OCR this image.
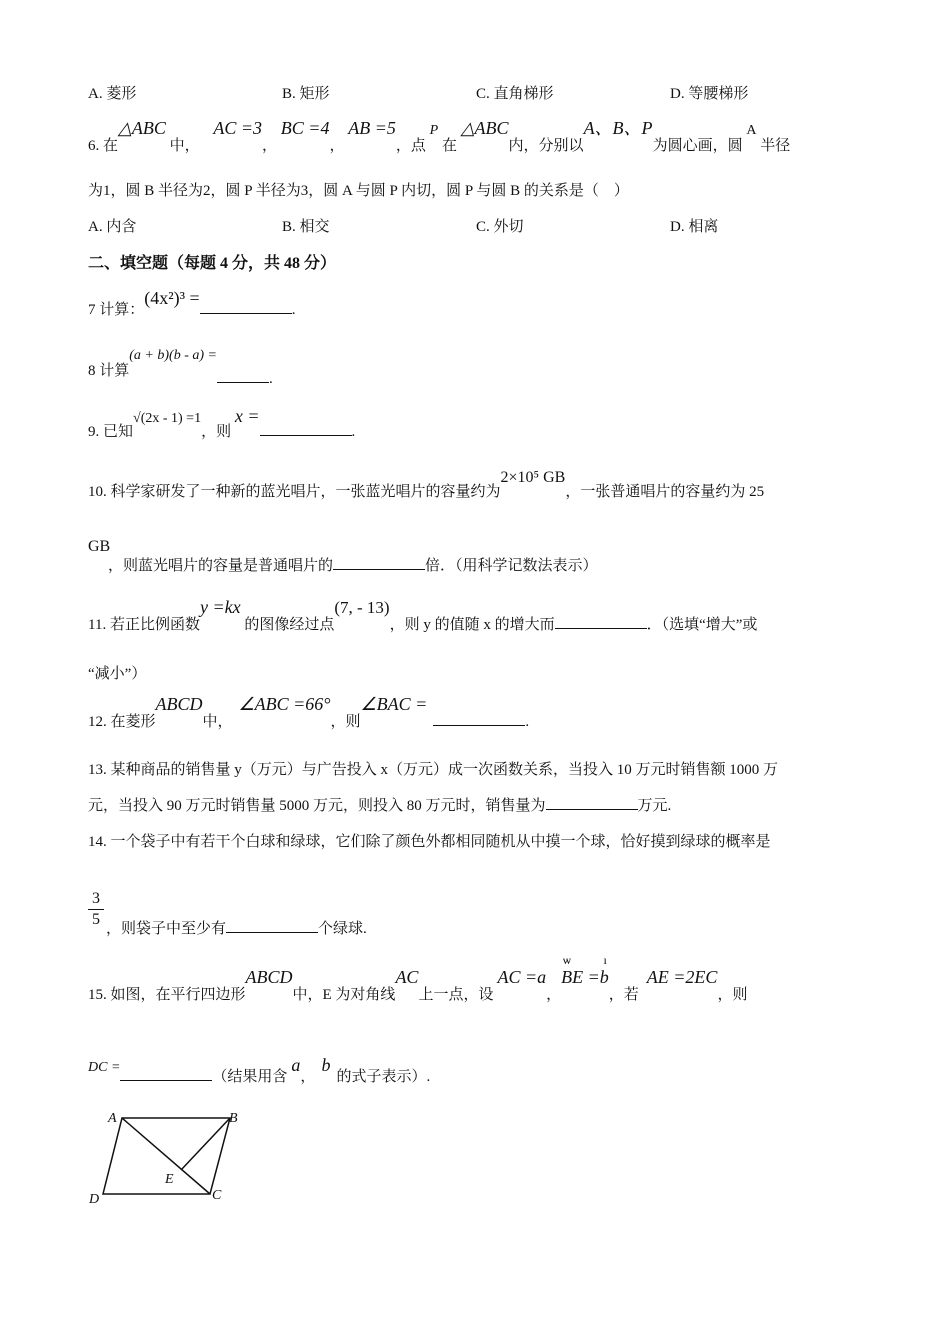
A. 菱形	B. 矩形	C. 直角梯形	D. 等腰梯形
6. 在△ABC 中， AC =3， BC =4， AB =5，点 P 在 △ABC内，分别以A、B、P为圆心画，圆 A 半径
为1，圆 B 半径为2，圆 P 半径为3，圆 A 与圆 P 内切，圆 P 与圆 B 的关系是（　）
A. 内含	B. 相交	C. 外切	D. 相离
二、填空题（每题 4 分，共 48 分）
7 计算：(4x²)³ =.
8 计算(a + b)(b - a) =.
9. 已知√(2x - 1) =1，则 x =.
10. 科学家研发了一种新的蓝光唱片，一张蓝光唱片的容量约为2×10⁵ GB，一张普通唱片的容量约为 25
GB
，则蓝光唱片的容量是普通唱片的	倍．（用科学记数法表示）
11. 若正比例函数y =kx 的图像经过点(7, - 13)，则 y 的值随 x 的增大而	．（选填“增大”或
“减小”）
12. 在菱形ABCD中，∠ABC =66°，则∠BAC =.
13. 某种商品的销售量 y（万元）与广告投入 x（万元）成一次函数关系，当投入 10 万元时销售额 1000 万
元，当投入 90 万元时销售量 5000 万元，则投入 80 万元时，销售量为	万元.
14. 一个袋子中有若干个白球和绿球，它们除了颜色外都相同随机从中摸一个球，恰好摸到绿球的概率是
3
5
，则袋子中至少有	个绿球.
15. 如图，在平行四边形ABCD中，E 为对角线AC上一点，设AC =a，
ѡ	ı
BE =b，若AE =2EC，则
DC =（结果用含a，b的式子表示）.
A	B
C
D
E
